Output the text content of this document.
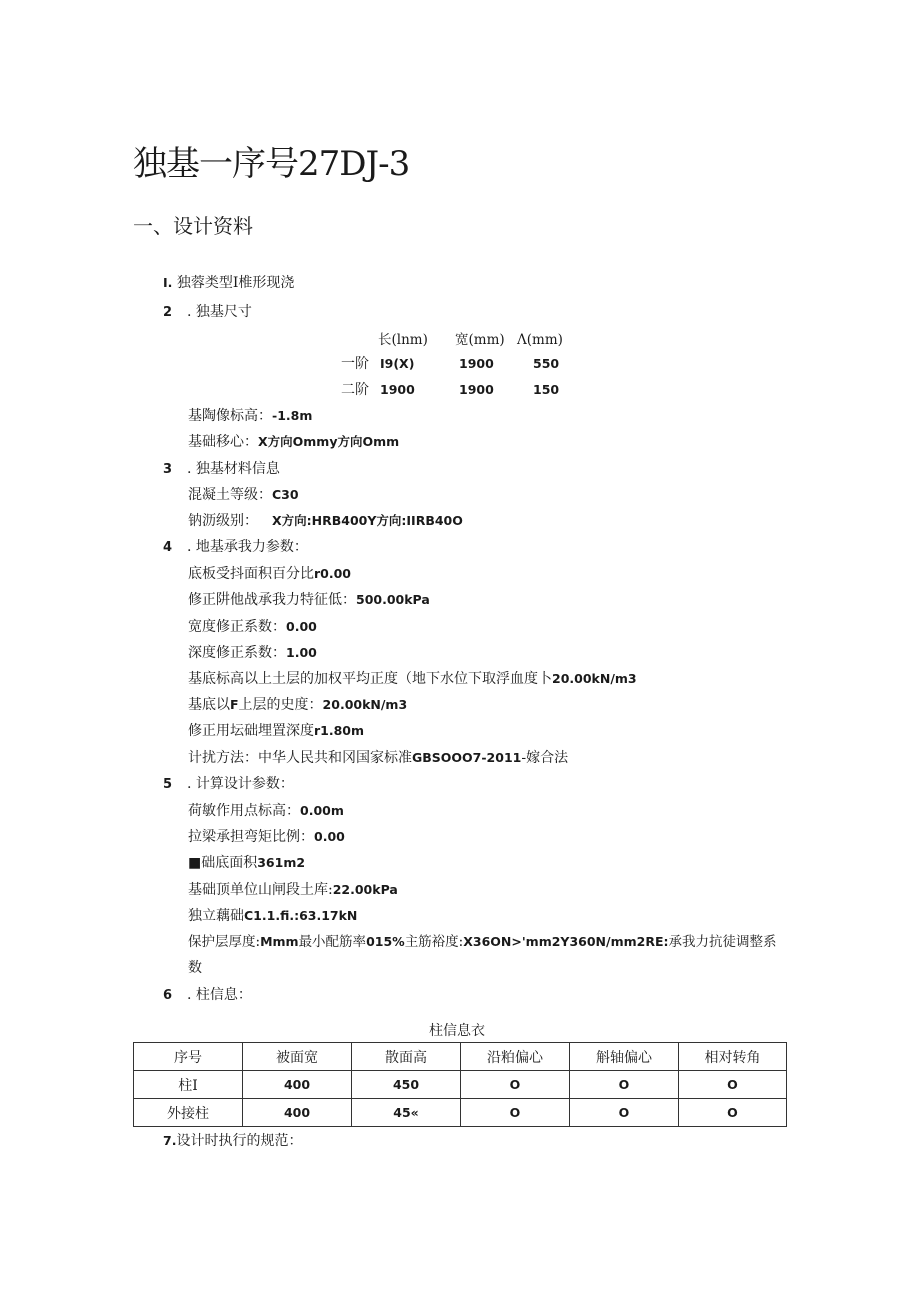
独基一序号27DJ-3
一、设计资料
I. 独蓉类型I椎形现浇
2 . 独基尺寸
长(lnm) 宽(mm) Λ(mm)
一阶 I9(X)	1900	550
二阶 1900	1900	150
基陶像标高：-1.8m
基础移心：X方向Ommy方向Omm
3 . 独基材料信息
混凝土等级：C30
钠沥级别： X方向:HRB400Y方向:IIRB40O
4 . 地基承我力参数：
底板受抖面积百分比r0.00
修正阱他战承我力特征低：500.00kPa
宽度修正系数：0.00
深度修正系数：1.00
基底标高以上土层的加权平均正度（地下水位下取浮血度卜20.00kN/m3
基底以F上层的史度：20.00kN/m3
修正用坛础埋置深度r1.80m
计扰方法：中华人民共和冈国家标准GBSOOO7-2011-嫁合法
5 . 计算设计参数：
荷敏作用点标高：0.00m
拉梁承担弯矩比例：0.00
■础底面积361m2
基础顶单位山闸段土库:22.00kPa
独立藕础C1.1.fi.:63.17kN
保护层厚度:Mmm最小配筋率015%主筋裕度:X36ON>'mm2Y360N/mm2RE:承我力抗徒调整系
数
6 . 柱信息：
柱信息衣
序号	被面宽	散面高	沿粕偏心	斛轴偏心	相对转角
柱I	400	450	O	O	O
外接柱	400	45«	O	O	O
7.设计时执行的规范：
